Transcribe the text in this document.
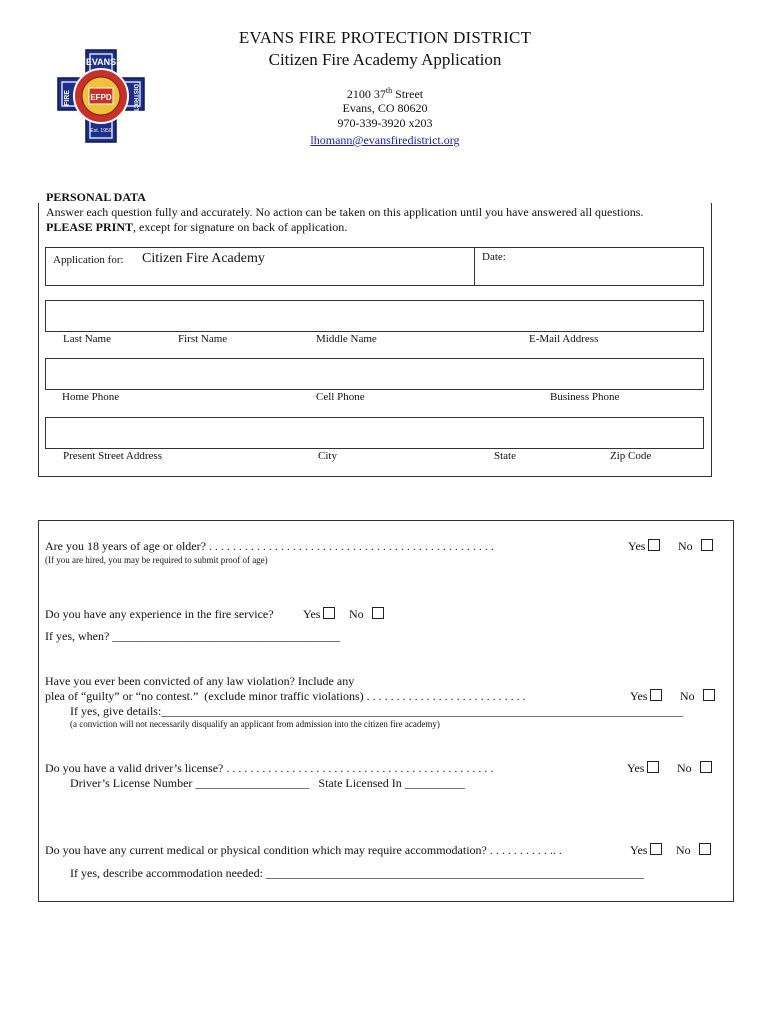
EVANS
FIRE	DISTRICT
EFPD
Est. 1950
EVANS FIRE PROTECTION DISTRICT
Citizen Fire Academy Application
2100 37th Street
Evans, CO 80620
970-339-3920 x203
lhomann@evansfiredistrict.org
PERSONAL DATA
Answer each question fully and accurately. No action can be taken on this application until you have answered all questions.
PLEASE PRINT, except for signature on back of application.
Application for: Citizen Fire Academy	Date:
Last Name	First Name	Middle Name	E-Mail Address
Home Phone	Cell Phone	Business Phone
Present Street Address	City	State	Zip Code
Are you 18 years of age or older? . . . . . . . . . . . . . . . . . . . . . . . . . . . . . . . . . . . . . . . . . . . . . . . .	Yes	No
(If you are hired, you may be required to submit proof of age)
Do you have any experience in the fire service? Yes	No
If yes, when? ______________________________________
Have you ever been convicted of any law violation? Include any
plea of “guilty” or “no contest.”  (exclude minor traffic violations) . . . . . . . . . . . . . . . . . . . . . . . . . . .	Yes	No
If yes, give details:_______________________________________________________________________________________
(a conviction will not necessarily disqualify an applicant from admission into the citizen fire academy)
Do you have a valid driver’s license? . . . . . . . . . . . . . . . . . . . . . . . . . . . . . . . . . . . . . . . . . . . . .	Yes	No
Driver’s License Number ___________________   State Licensed In __________
Do you have any current medical or physical condition which may require accommodation? . . . . . . . . . . .. .	Yes	No
If yes, describe accommodation needed: _______________________________________________________________
